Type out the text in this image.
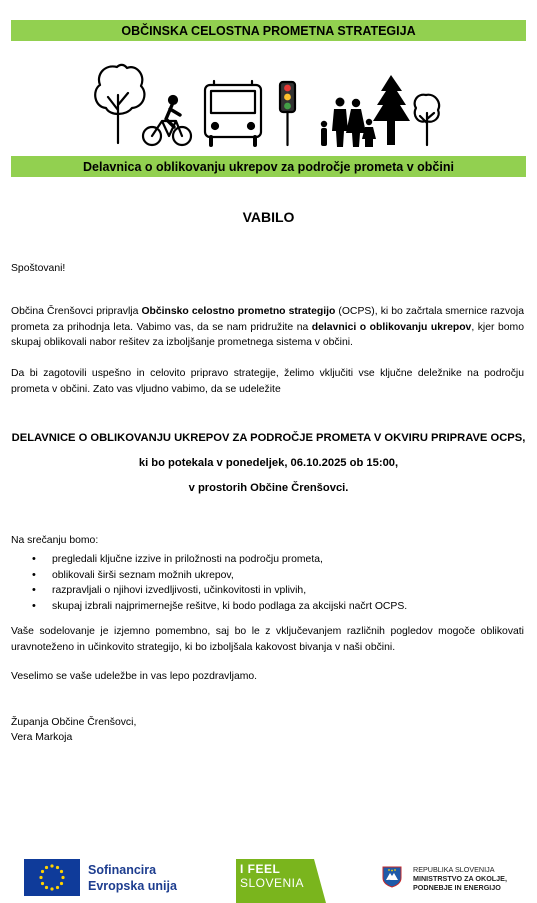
OBČINSKA CELOSTNA PROMETNA STRATEGIJA
Delavnica o oblikovanju ukrepov za področje prometa v občini
VABILO
Spoštovani!
Občina Črenšovci pripravlja Občinsko celostno prometno strategijo (OCPS), ki bo začrtala smernice razvoja prometa za prihodnja leta. Vabimo vas, da se nam pridružite na delavnici o oblikovanju ukrepov, kjer bomo skupaj oblikovali nabor rešitev za izboljšanje prometnega sistema v občini.
Da bi zagotovili uspešno in celovito pripravo strategije, želimo vključiti vse ključne deležnike na področju prometa v občini. Zato vas vljudno vabimo, da se udeležite
DELAVNICE O OBLIKOVANJU UKREPOV ZA PODROČJE PROMETA V OKVIRU PRIPRAVE OCPS,
ki bo potekala v ponedeljek, 06.10.2025 ob 15:00,
v prostorih Občine Črenšovci.
Na srečanju bomo:
• pregledali ključne izzive in priložnosti na področju prometa,
• oblikovali širši seznam možnih ukrepov,
• razpravljali o njihovi izvedljivosti, učinkovitosti in vplivih,
• skupaj izbrali najprimernejše rešitve, ki bodo podlaga za akcijski načrt OCPS.
Vaše sodelovanje je izjemno pomembno, saj bo le z vključevanjem različnih pogledov mogoče oblikovati uravnoteženo in učinkovito strategijo, ki bo izboljšala kakovost bivanja v naši občini.
Veselimo se vaše udeležbe in vas lepo pozdravljamo.
Županja Občine Črenšovci,
Vera Markoja
Sofinancira
Evropska unija
I FEEL
SLOVENIA
REPUBLIKA SLOVENIJA
MINISTRSTVO ZA OKOLJE,
PODNEBJE IN ENERGIJO
